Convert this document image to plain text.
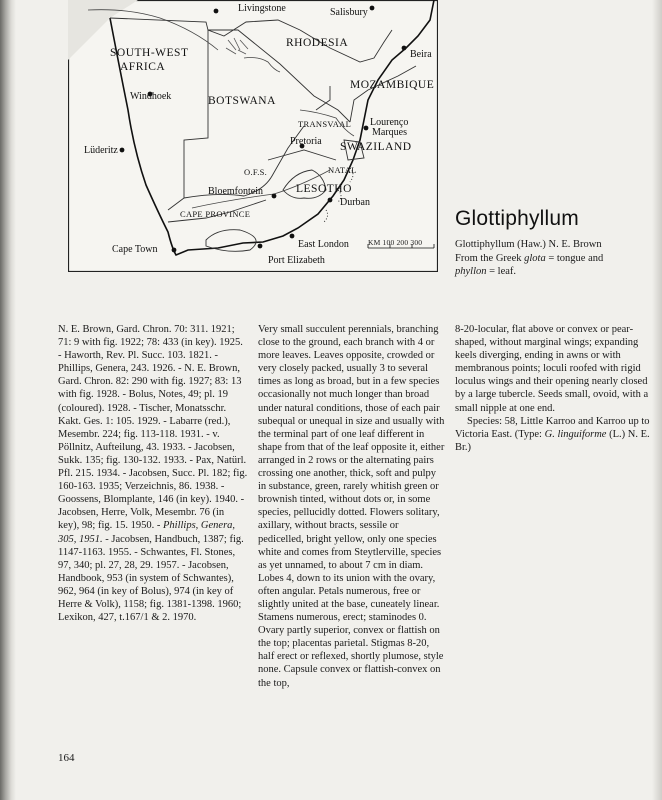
Livingstone	Salisbury
Beira
SOUTH-WEST
AFRICA
RHODESIA
MOZAMBIQUE
Windhoek	BOTSWANA
TRANSVAAL Lourenço
Marques
Lüderitz
Pretoria SWAZILAND
NATAL
O.F.S.
Bloemfontein	LESOTHO
Durban
CAPE PROVINCE
East London
Cape Town
Port Elizabeth
KM 100 200 300
Glottiphyllum
Glottiphyllum (Haw.) N. E. Brown
From the Greek glota = tongue and
phyllon = leaf.

N. E. Brown, Gard. Chron. 70: 311. 1921; 71: 9 with fig. 1922; 78: 433 (in key). 1925. - Haworth, Rev. Pl. Succ. 103. 1821. - Phillips, Genera, 243. 1926. - N. E. Brown, Gard. Chron. 82: 290 with fig. 1927; 83: 13 with fig. 1928. - Bolus, Notes, 49; pl. 19 (coloured). 1928. - Tischer, Monatsschr. Kakt. Ges. 1: 105. 1929. - Labarre (red.), Mesembr. 224; fig. 113-118. 1931. - v. Pöllnitz, Aufteilung, 43. 1933. - Jacobsen, Sukk. 135; fig. 130-132. 1933. - Pax, Natürl. Pfl. 215. 1934. - Jacobsen, Succ. Pl. 182; fig. 160-163. 1935; Verzeichnis, 86. 1938. - Goossens, Blomplante, 146 (in key). 1940. - Jacobsen, Herre, Volk, Mesembr. 76 (in key), 98; fig. 15. 1950. - Phillips, Genera, 305, 1951. - Jacobsen, Handbuch, 1387; fig. 1147-1163. 1955. - Schwantes, Fl. Stones, 97, 340; pl. 27, 28, 29. 1957. - Jacobsen, Handbook, 953 (in system of Schwantes), 962, 964 (in key of Bolus), 974 (in key of Herre & Volk), 1158; fig. 1381-1398. 1960; Lexikon, 427, t.167/1 & 2. 1970.

Very small succulent perennials, branching close to the ground, each branch with 4 or more leaves. Leaves opposite, crowded or very closely packed, usually 3 to several times as long as broad, but in a few species occasionally not much longer than broad under natural conditions, those of each pair subequal or unequal in size and usually with the terminal part of one leaf different in shape from that of the leaf opposite it, either arranged in 2 rows or the alternating pairs crossing one another, thick, soft and pulpy in substance, green, rarely whitish green or brownish tinted, without dots or, in some species, pellucidly dotted. Flowers solitary, axillary, without bracts, sessile or pedicelled, bright yellow, only one species white and comes from Steytlerville, species as yet unnamed, to about 7 cm in diam. Lobes 4, down to its union with the ovary, often angular. Petals numerous, free or slightly united at the base, cuneately linear. Stamens numerous, erect; staminodes 0. Ovary partly superior, convex or flattish on the top; placentas parietal. Stigmas 8-20, half erect or reflexed, shortly plumose, style none. Capsule convex or flattish-convex on the top,

8-20-locular, flat above or convex or pear-shaped, without marginal wings; expanding keels diverging, ending in awns or with membranous points; loculi roofed with rigid loculus wings and their opening nearly closed by a large tubercle. Seeds small, ovoid, with a small nipple at one end.

Species: 58, Little Karroo and Karroo up to Victoria East. (Type: G. linguiforme (L.) N. E. Br.)

164
